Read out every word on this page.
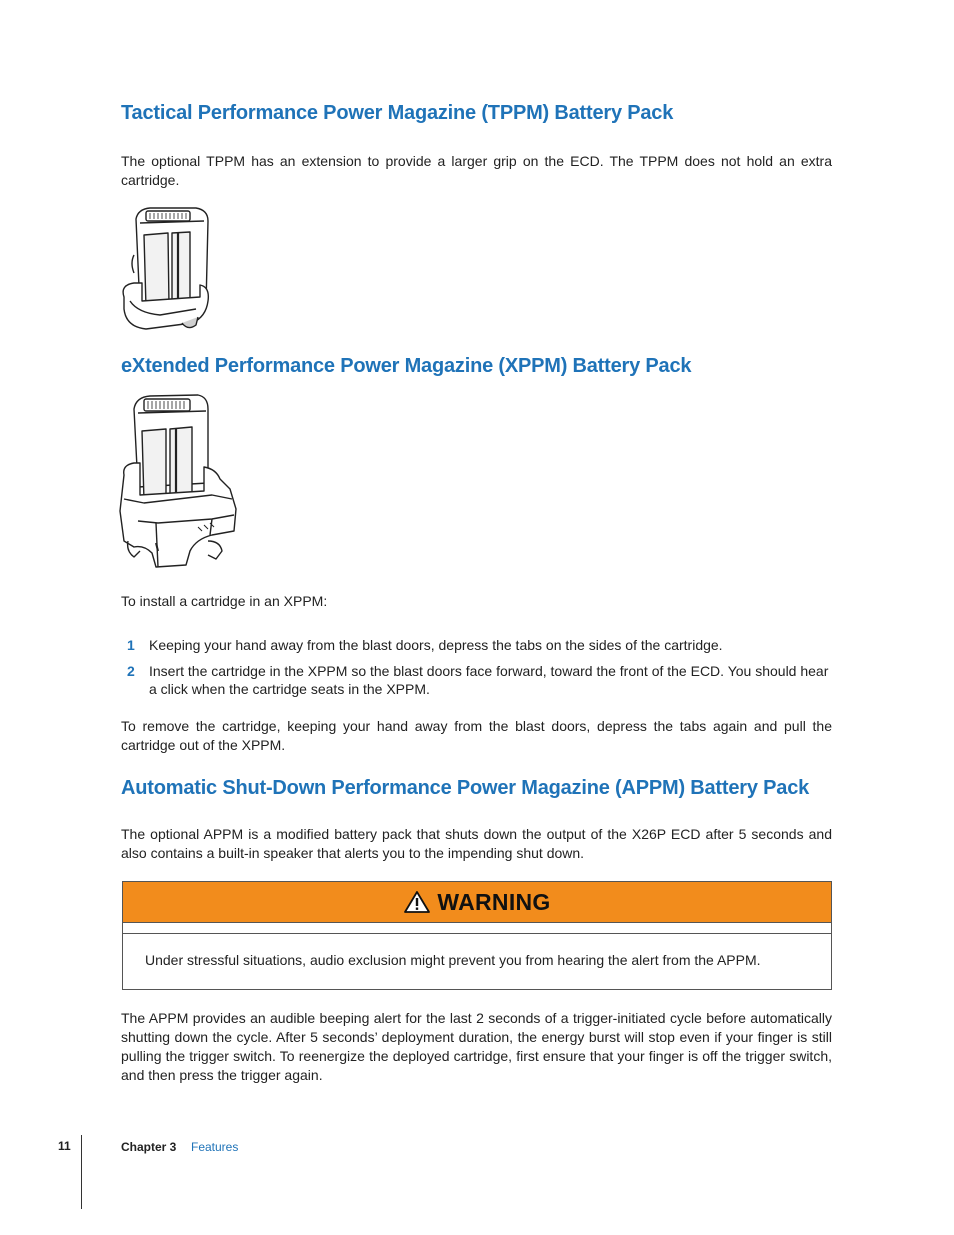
Tactical Performance Power Magazine (TPPM) Battery Pack

The optional TPPM has an extension to provide a larger grip on the ECD. The TPPM does not hold an extra cartridge.

eXtended Performance Power Magazine (XPPM) Battery Pack

To install a cartridge in an XPPM:

1 Keeping your hand away from the blast doors, depress the tabs on the sides of the cartridge.
2 Insert the cartridge in the XPPM so the blast doors face forward, toward the front of the ECD. You should hear a click when the cartridge seats in the XPPM.

To remove the cartridge, keeping your hand away from the blast doors, depress the tabs again and pull the cartridge out of the XPPM.

Automatic Shut-Down Performance Power Magazine (APPM) Battery Pack

The optional APPM is a modified battery pack that shuts down the output of the X26P ECD after 5 seconds and also contains a built-in speaker that alerts you to the impending shut down.

WARNING
Under stressful situations, audio exclusion might prevent you from hearing the alert from the APPM.

The APPM provides an audible beeping alert for the last 2 seconds of a trigger-initiated cycle before automatically shutting down the cycle. After 5 seconds’ deployment duration, the energy burst will stop even if your finger is still pulling the trigger switch. To reenergize the deployed cartridge, first ensure that your finger is off the trigger switch, and then press the trigger again.

11	Chapter 3 Features
